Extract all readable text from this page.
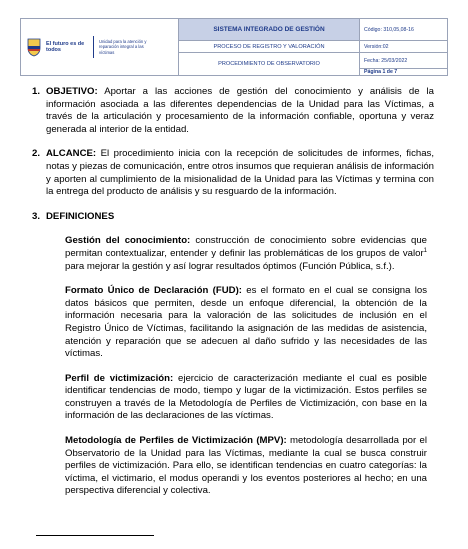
El futuro es de todos
Unidad para la atención y reparación integral a las víctimas	SISTEMA INTEGRADO DE GESTIÓN	Código: 310,05,08-16
	PROCESO DE REGISTRO Y VALORACIÓN	Versión:02
	PROCEDIMIENTO DE OBSERVATORIO	Fecha: 25/03/2022
		Página 1 de 7
1. OBJETIVO: Aportar a las acciones de gestión del conocimiento y análisis de la información asociada a las diferentes dependencias de la Unidad para las Víctimas, a través de la articulación y procesamiento de la información confiable, oportuna y veraz generada al interior de la entidad.
2. ALCANCE: El procedimiento inicia con la recepción de solicitudes de informes, fichas, notas y piezas de comunicación, entre otros insumos que requieran análisis de información y aporten al cumplimiento de la misionalidad de la Unidad para las Víctimas y termina con la entrega del producto de análisis y su resguardo de la información.
3. DEFINICIONES
Gestión del conocimiento: construcción de conocimiento sobre evidencias que permitan contextualizar, entender y definir las problemáticas de los grupos de valor$^1$ para mejorar la gestión y así lograr resultados óptimos (Función Pública, s.f.).
Formato Único de Declaración (FUD): es el formato en el cual se consigna los datos básicos que permiten, desde un enfoque diferencial, la obtención de la información necesaria para la valoración de las solicitudes de inclusión en el Registro Único de Víctimas, facilitando la asignación de las medidas de asistencia, atención y reparación que se adecuen al daño sufrido y las necesidades de las víctimas.
Perfil de victimización: ejercicio de caracterización mediante el cual es posible identificar tendencias de modo, tiempo y lugar de la victimización. Estos perfiles se construyen a través de la Metodología de Perfiles de Victimización, con base en la información de las declaraciones de las víctimas.
Metodología de Perfiles de Victimización (MPV): metodología desarrollada por el Observatorio de la Unidad para las Víctimas, mediante la cual se busca construir perfiles de victimización. Para ello, se identifican tendencias en cuatro categorías: la víctima, el victimario, el modus operandi y los eventos posteriores al hecho; en una perspectiva diferencial y colectiva.
